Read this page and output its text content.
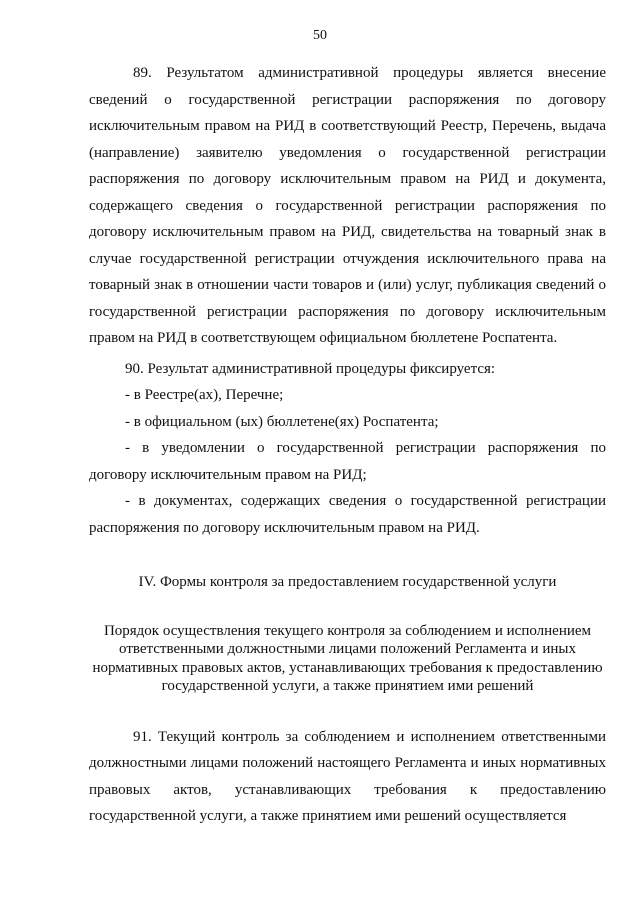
50

89. Результатом административной процедуры является внесение сведений о государственной регистрации распоряжения по договору исключительным правом на РИД в соответствующий Реестр, Перечень, выдача (направление) заявителю уведомления о государственной регистрации распоряжения по договору исключительным правом на РИД и документа, содержащего сведения о государственной регистрации распоряжения по договору исключительным правом на РИД, свидетельства на товарный знак в случае государственной регистрации отчуждения исключительного права на товарный знак в отношении части товаров и (или) услуг, публикация сведений о государственной регистрации распоряжения по договору исключительным правом на РИД в соответствующем официальном бюллетене Роспатента.

90. Результат административной процедуры фиксируется:

- в Реестре(ах), Перечне;

- в официальном (ых) бюллетене(ях) Роспатента;

- в уведомлении о государственной регистрации распоряжения по договору исключительным правом на РИД;

- в документах, содержащих сведения о государственной регистрации распоряжения по договору исключительным правом на РИД.

IV. Формы контроля за предоставлением государственной услуги

Порядок осуществления текущего контроля за соблюдением и исполнением ответственными должностными лицами положений Регламента и иных нормативных правовых актов, устанавливающих требования к предоставлению государственной услуги, а также принятием ими решений

91. Текущий контроль за соблюдением и исполнением ответственными должностными лицами положений настоящего Регламента и иных нормативных правовых актов, устанавливающих требования к предоставлению государственной услуги, а также принятием ими решений осуществляется
